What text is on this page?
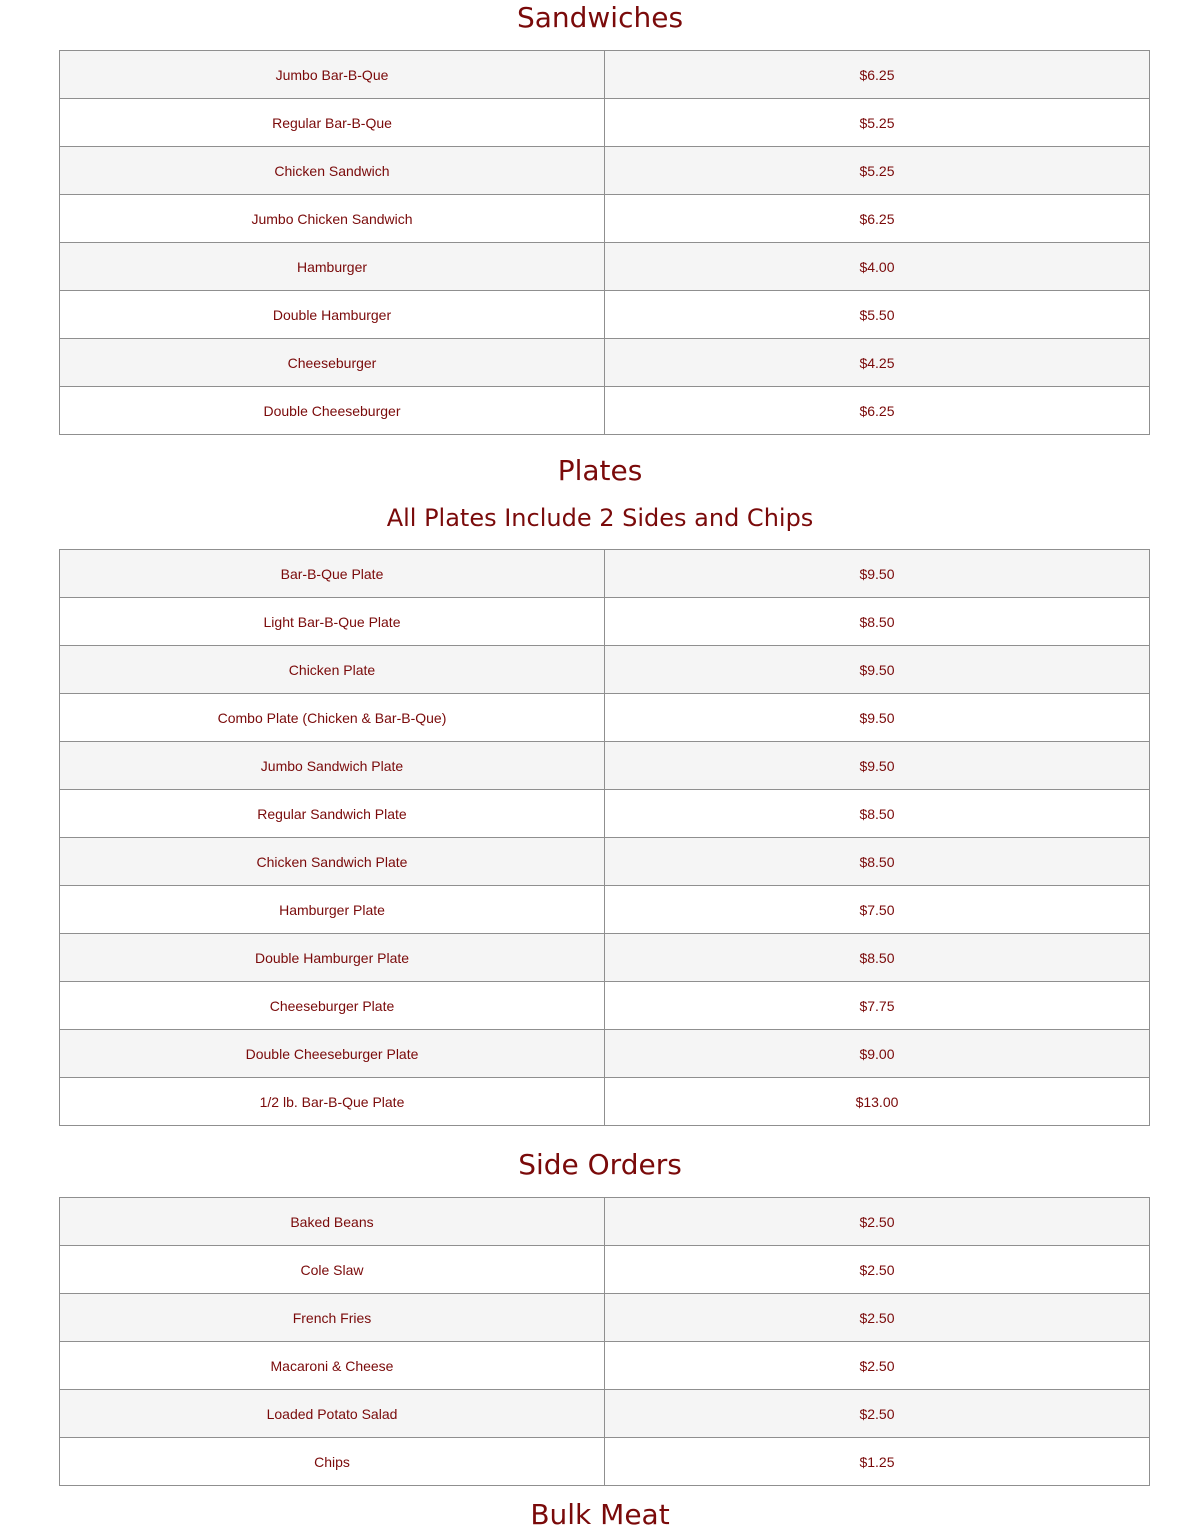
Sandwiches
Jumbo Bar-B-Que	$6.25
Regular Bar-B-Que	$5.25
Chicken Sandwich	$5.25
Jumbo Chicken Sandwich	$6.25
Hamburger	$4.00
Double Hamburger	$5.50
Cheeseburger	$4.25
Double Cheeseburger	$6.25
Plates
All Plates Include 2 Sides and Chips
Bar-B-Que Plate	$9.50
Light Bar-B-Que Plate	$8.50
Chicken Plate	$9.50
Combo Plate (Chicken & Bar-B-Que)	$9.50
Jumbo Sandwich Plate	$9.50
Regular Sandwich Plate	$8.50
Chicken Sandwich Plate	$8.50
Hamburger Plate	$7.50
Double Hamburger Plate	$8.50
Cheeseburger Plate	$7.75
Double Cheeseburger Plate	$9.00
1/2 lb. Bar-B-Que Plate	$13.00
Side Orders
Baked Beans	$2.50
Cole Slaw	$2.50
French Fries	$2.50
Macaroni & Cheese	$2.50
Loaded Potato Salad	$2.50
Chips	$1.25
Bulk Meat
